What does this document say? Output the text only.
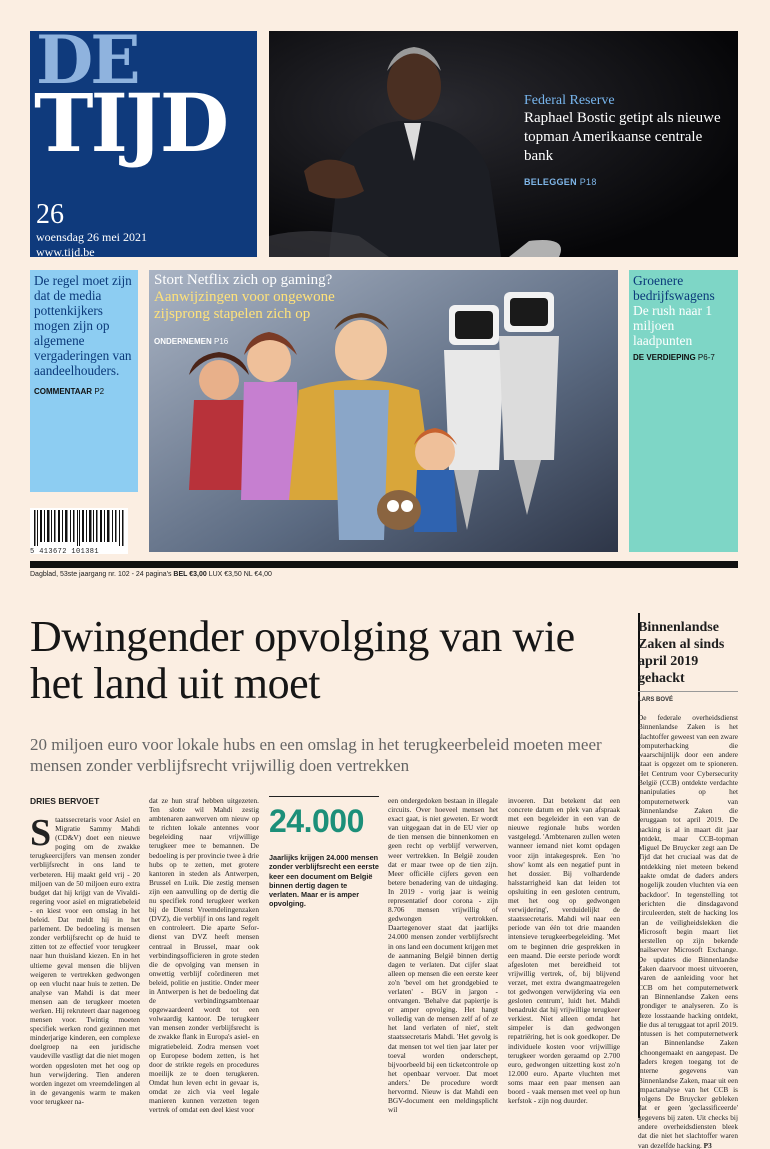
DE
TIJD
26
woensdag 26 mei 2021
www.tijd.be
Federal Reserve
Raphael Bostic getipt als nieuwe topman Amerikaanse centrale bank
BELEGGEN P18
De regel moet zijn dat de media pottenkijkers mogen zijn op algemene vergaderingen van aandeelhouders.
COMMENTAAR P2
Stort Netflix zich op gaming?
Aanwijzingen voor ongewone zijsprong stapelen zich op
ONDERNEMEN P16
Groenere bedrijfswagens
De rush naar 1 miljoen laadpunten
DE VERDIEPING P6-7
5 413672 101381
Dagblad, 53ste jaargang nr. 102 - 24 pagina's BEL €3,00 LUX €3,50 NL €4,00
Dwingender opvolging van wie het land uit moet
20 miljoen euro voor lokale hubs en een omslag in het terugkeerbeleid moeten meer mensen zonder verblijfsrecht vrijwillig doen vertrekken
DRIES BERVOET
Staatssecretaris voor Asiel en Migratie Sammy Mahdi (CD&V) doet een nieuwe poging om de zwakke terugkeercijfers van mensen zonder verblijfsrecht in ons land te verbeteren. Hij maakt geld vrij - 20 miljoen van de 50 miljoen euro extra budget dat hij krijgt van de Vivaldi-regering voor asiel en migratiebeleid - en kiest voor een omslag in het beleid. Dat meldt hij in het parlement. De bedoeling is mensen zonder verblijfsrecht op de huid te zitten tot ze effectief voor terugkeer naar hun thuisland kiezen. En in het ultieme geval mensen die blijven weigeren te vertrekken gedwongen op een vlucht naar huis te zetten. De analyse van Mahdi is dat meer mensen aan de terugkeer moeten werken. Hij rekruteert daar nagenoeg mensen voor. Twintig moeten specifiek werken rond gezinnen met minderjarige kinderen, een complexe doelgroep na een juridische vaudeville vastligt dat die niet mogen worden opgesloten met het oog op hun verwijdering. Tien anderen worden ingezet om vreemdelingen al in de gevangenis warm te maken voor terugkeer na-
dat ze hun straf hebben uitgezeten. Ten slotte wil Mahdi zestig ambtenaren aanwerven om nieuw op te richten lokale antennes voor begeleiding naar vrijwillige terugkeer mee te bemannen. De bedoeling is per provincie twee à drie hubs op te zetten, met grotere kantoren in steden als Antwerpen, Brussel en Luik. Die zestig mensen zijn een aanvulling op de dertig die nu specifiek rond terugkeer werken bij de Dienst Vreemdelingenzaken (DVZ), die verblijf in ons land regelt en controleert. Die aparte Sefor-dienst van DVZ heeft mensen centraal in Brussel, maar ook verbindingsofficieren in grote steden die de opvolging van mensen in onwettig verblijf coördineren met beleid, politie en justitie. Onder meer in Antwerpen is het de bedoeling dat de verbindingsambtenaar opgewaardeerd wordt tot een volwaardig kantoor. De terugkeer van mensen zonder verblijfsrecht is de zwakke flank in Europa's asiel- en migratiebeleid. Zodra mensen voet op Europese bodem zetten, is het door de strikte regels en procedures moeilijk ze te doen terugkeren. Omdat hun leven echt in gevaar is, omdat ze zich via veel legale manieren kunnen verzetten tegen vertrek of omdat een deel kiest voor
24.000
Jaarlijks krijgen 24.000 mensen zonder verblijfsrecht een eerste keer een document om België binnen dertig dagen te verlaten. Maar er is amper opvolging.
een ondergedoken bestaan in illegale circuits. Over hoeveel mensen het exact gaat, is niet geweten. Er wordt van uitgegaan dat in de EU vier op de tien mensen die binnenkomen en geen recht op verblijf verwerven, weer vertrekken. In België zouden dat er maar twee op de tien zijn. Meer officiële cijfers geven een betere benadering van de uitdaging. In 2019 - vorig jaar is weinig representatief door corona - zijn 8.706 mensen vrijwillig of gedwongen vertrokken. Daartegenover staat dat jaarlijks 24.000 mensen zonder verblijfsrecht in ons land een document krijgen met de aanmaning België binnen dertig dagen te verlaten. Dat cijfer slaat alleen op mensen die een eerste keer zo'n 'bevel om het grondgebied te verlaten' - BGV in jargon - ontvangen. 'Behalve dat papiertje is er amper opvolging. Het hangt volledig van de mensen zelf af of ze het land verlaten of niet', stelt staatssecretaris Mahdi. 'Het gevolg is dat mensen tot wel tien jaar later per toeval worden onderschept, bijvoorbeeld bij een ticketcontrole op het openbaar vervoer. Dat moet anders.' De procedure wordt hervormd. Nieuw is dat Mahdi een BGV-document een meldingsplicht wil
invoeren. Dat betekent dat een concrete datum en plek van afspraak met een begeleider in een van de nieuwe regionale hubs worden vastgelegd. 'Ambtenaren zullen weten wanneer iemand niet komt opdagen voor zijn intakegesprek. Een 'no show' komt als een negatief punt in het dossier. Bij volhardende halsstarrigheid kan dat leiden tot opsluiting in een gesloten centrum, met het oog op gedwongen verwijdering', verduidelijkt de staatssecretaris. Mahdi wil naar een periode van één tot drie maanden intensieve terugkeerbegeleiding. 'Met om te beginnen drie gesprekken in een maand. Die eerste periode wordt afgesloten met bereidheid tot vrijwillig vertrek, of, bij blijvend verzet, met extra dwangmaatregelen tot gedwongen verwijdering via een gesloten centrum', luidt het. Mahdi benadrukt dat hij vrijwillige terugkeer verkiest. Niet alleen omdat het simpeler is dan gedwongen repatriëring, het is ook goedkoper. De individuele kosten voor vrijwillige terugkeer worden geraamd op 2.700 euro, gedwongen uitzetting kost zo'n 12.000 euro. Aparte vluchten met soms maar een paar mensen aan boord - vaak mensen met veel op hun kerfstok - zijn nog duurder.
Binnenlandse Zaken al sinds april 2019 gehackt
LARS BOVÉ
De federale overheidsdienst Binnenlandse Zaken is het slachtoffer geweest van een zware computerhacking die waarschijnlijk door een andere staat is opgezet om te spioneren. Het Centrum voor Cybersecurity België (CCB) ontdekte verdachte manipulaties op het computernetwerk van Binnenlandse Zaken die teruggaan tot april 2019. De hacking is al in maart dit jaar ontdekt, maar CCB-topman Miguel De Bruycker zegt aan De Tijd dat het cruciaal was dat de ontdekking niet meteen bekend raakte omdat de daders anders mogelijk zouden vluchten via een 'backdoor'. In tegenstelling tot berichten die dinsdagavond circuleerden, stelt de hacking los van de veiligheidslekken die Microsoft begin maart liet herstellen op zijn bekende mailserver Microsoft Exchange. De updates die Binnenlandse Zaken daarvoor moest uitvoeren, waren de aanleiding voor het CCB om het computernetwerk van Binnenlandse Zaken eens grondiger te analyseren. Zo is deze losstaande hacking ontdekt, die dus al teruggaat tot april 2019. Intussen is het computernetwerk van Binnenlandse Zaken schoongemaakt en aangepast. De daders kregen toegang tot de interne gegevens van Binnenlandse Zaken, maar uit een impactanalyse van het CCB is volgens De Bruycker gebleken dat er geen 'geclassificeerde' gegevens bij zaten. Uit checks bij andere overheidsdiensten bleek dat die niet het slachtoffer waren van dezelfde hacking. P3
